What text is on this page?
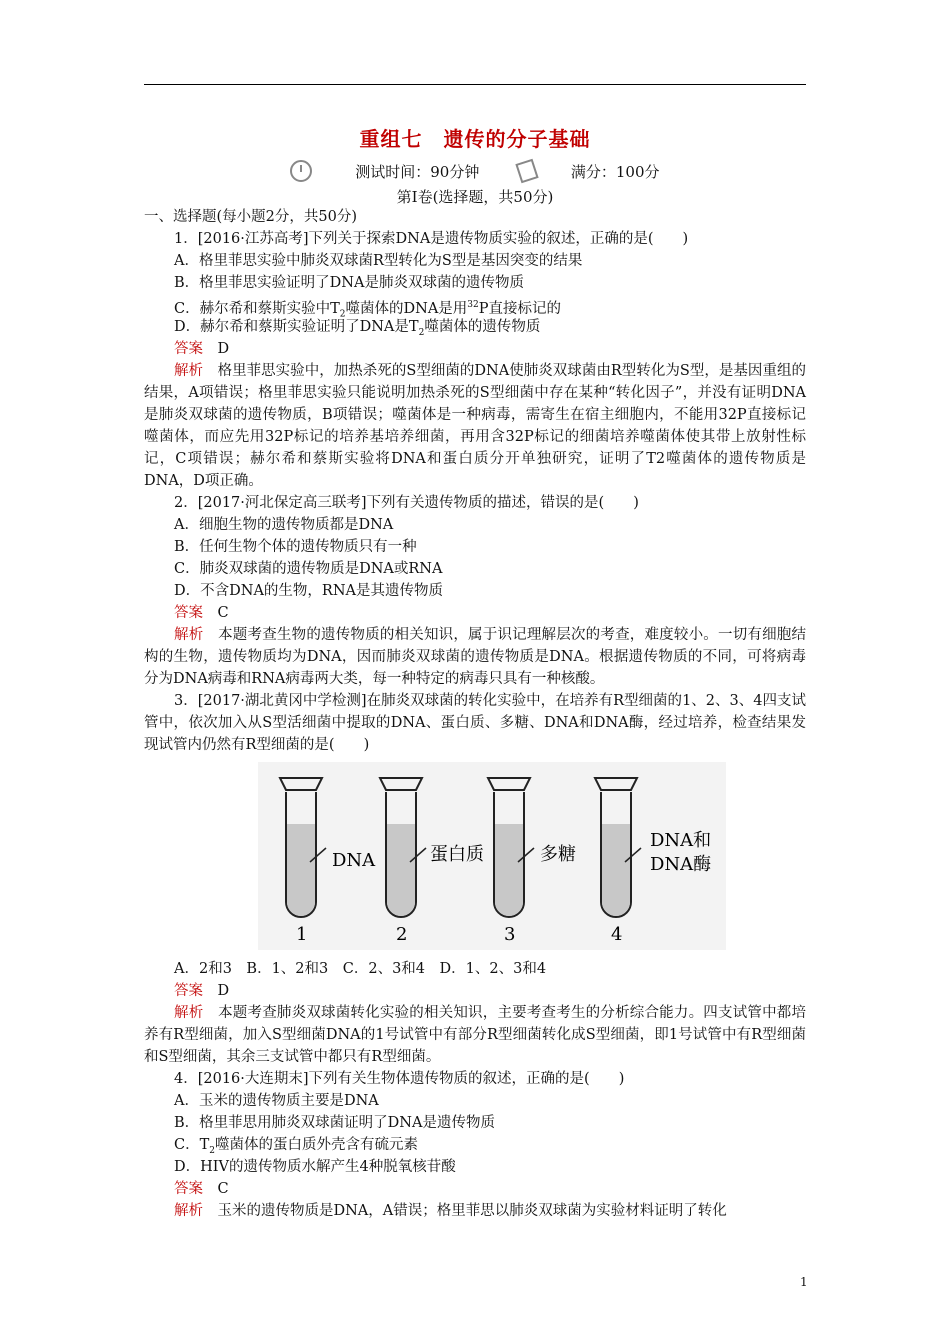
重组七　遗传的分子基础
测试时间：90分钟	满分：100分
第Ⅰ卷(选择题，共50分)
一、选择题(每小题2分，共50分)
1．[2016·江苏高考]下列关于探索DNA是遗传物质实验的叙述，正确的是(　　)
A．格里菲思实验中肺炎双球菌R型转化为S型是基因突变的结果
B．格里菲思实验证明了DNA是肺炎双球菌的遗传物质
C．赫尔希和蔡斯实验中$T_2$噬菌体的DNA是用$^{32}$P直接标记的
D．赫尔希和蔡斯实验证明了DNA是$T_2$噬菌体的遗传物质
答案　 D
解析　 格里菲思实验中，加热杀死的S型细菌的DNA使肺炎双球菌由R型转化为S型，是基因重组的结果，A项错误；格里菲思实验只能说明加热杀死的S型细菌中存在某种“转化因子”，并没有证明DNA是肺炎双球菌的遗传物质，B项错误；噬菌体是一种病毒，需寄生在宿主细胞内，不能用32P直接标记噬菌体，而应先用32P标记的培养基培养细菌，再用含32P标记的细菌培养噬菌体使其带上放射性标记，C项错误；赫尔希和蔡斯实验将DNA和蛋白质分开单独研究，证明了T2噬菌体的遗传物质是DNA，D项正确。
2．[2017·河北保定高三联考]下列有关遗传物质的描述，错误的是(　　)
A．细胞生物的遗传物质都是DNA
B．任何生物个体的遗传物质只有一种
C．肺炎双球菌的遗传物质是DNA或RNA
D．不含DNA的生物，RNA是其遗传物质
答案　 C
解析　 本题考查生物的遗传物质的相关知识，属于识记理解层次的考查，难度较小。一切有细胞结构的生物，遗传物质均为DNA，因而肺炎双球菌的遗传物质是DNA。根据遗传物质的不同，可将病毒分为DNA病毒和RNA病毒两大类，每一种特定的病毒只具有一种核酸。
3．[2017·湖北黄冈中学检测]在肺炎双球菌的转化实验中，在培养有R型细菌的1、2、3、4四支试管中，依次加入从S型活细菌中提取的DNA、蛋白质、多糖、DNA和DNA酶，经过培养，检查结果发现试管内仍然有R型细菌的是(　　)
DNA
1
蛋白质
2
多糖
3
DNA和
DNA酶
4
A．2和3　B．1、2和3　C．2、3和4　D．1、2、3和4
答案　 D
解析　 本题考查肺炎双球菌转化实验的相关知识，主要考查考生的分析综合能力。四支试管中都培养有R型细菌，加入S型细菌DNA的1号试管中有部分R型细菌转化成S型细菌，即1号试管中有R型细菌和S型细菌，其余三支试管中都只有R型细菌。
4．[2016·大连期末]下列有关生物体遗传物质的叙述，正确的是(　　)
A．玉米的遗传物质主要是DNA
B．格里菲思用肺炎双球菌证明了DNA是遗传物质
C．$T_2$噬菌体的蛋白质外壳含有硫元素
D．HIV的遗传物质水解产生4种脱氧核苷酸
答案　 C
解析　 玉米的遗传物质是DNA，A错误；格里菲思以肺炎双球菌为实验材料证明了转化
1
